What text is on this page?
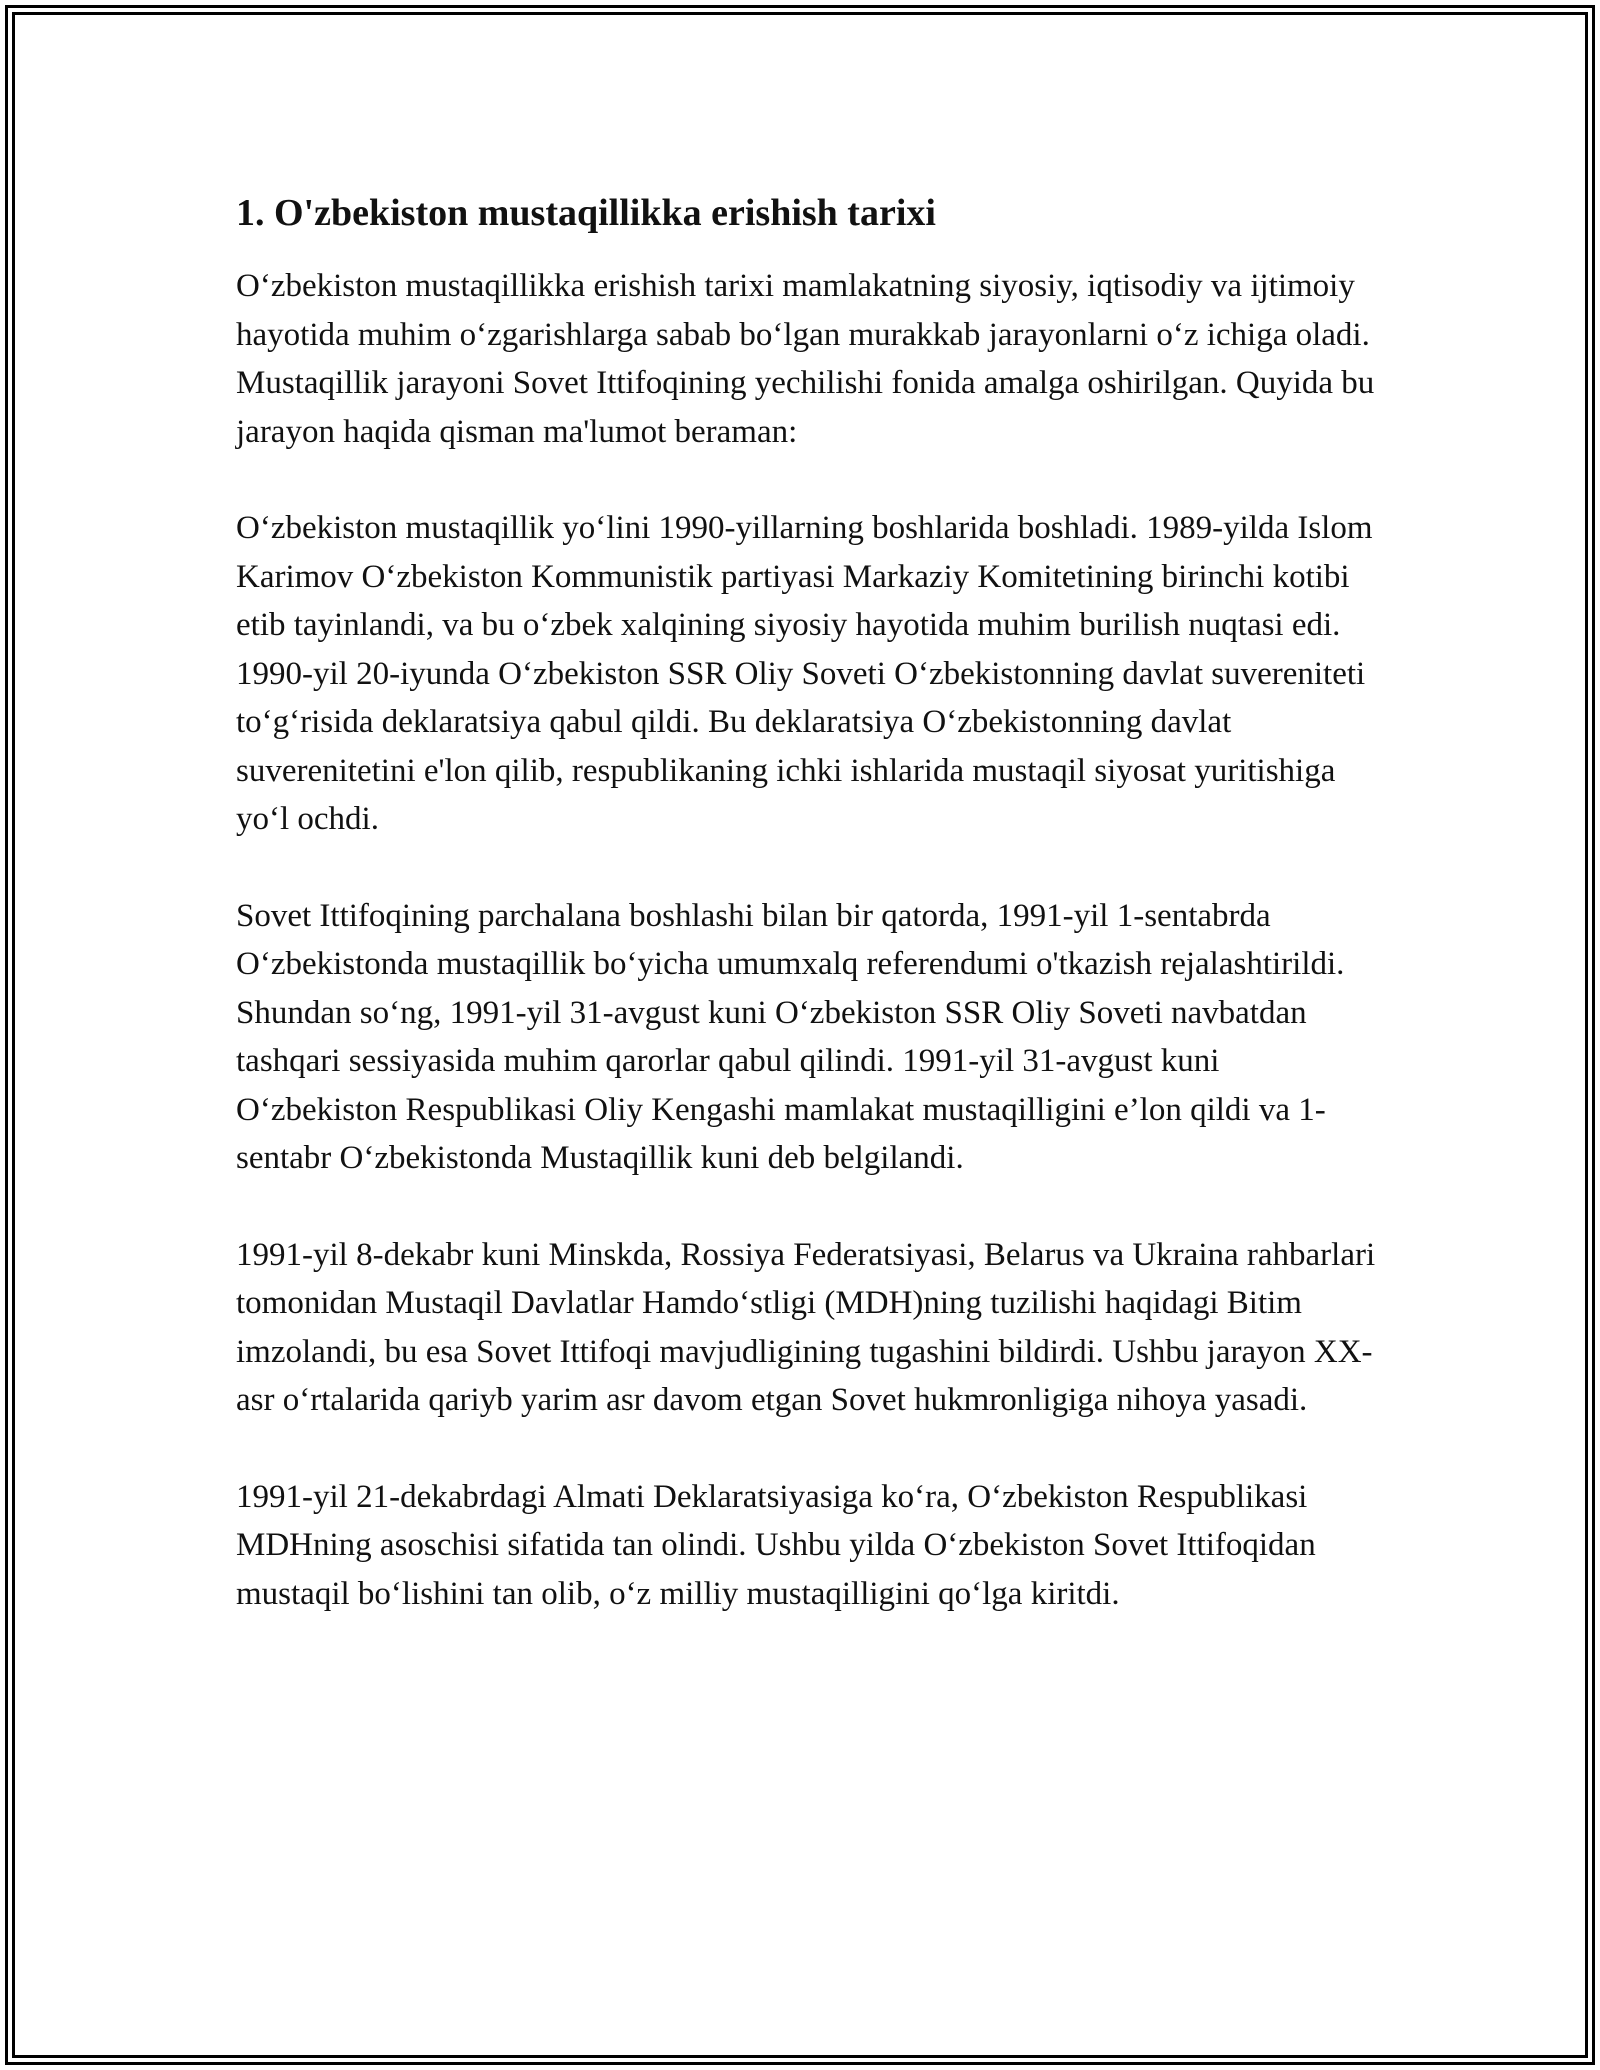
1. O'zbekiston mustaqillikka erishish tarixi

O‘zbekiston mustaqillikka erishish tarixi mamlakatning siyosiy, iqtisodiy va ijtimoiy hayotida muhim o‘zgarishlarga sabab bo‘lgan murakkab jarayonlarni o‘z ichiga oladi. Mustaqillik jarayoni Sovet Ittifoqining yechilishi fonida amalga oshirilgan. Quyida bu jarayon haqida qisman ma'lumot beraman:

O‘zbekiston mustaqillik yo‘lini 1990-yillarning boshlarida boshladi. 1989-yilda Islom Karimov O‘zbekiston Kommunistik partiyasi Markaziy Komitetining birinchi kotibi etib tayinlandi, va bu o‘zbek xalqining siyosiy hayotida muhim burilish nuqtasi edi. 1990-yil 20-iyunda O‘zbekiston SSR Oliy Soveti O‘zbekistonning davlat suvereniteti to‘g‘risida deklaratsiya qabul qildi. Bu deklaratsiya O‘zbekistonning davlat suverenitetini e'lon qilib, respublikaning ichki ishlarida mustaqil siyosat yuritishiga yo‘l ochdi.

Sovet Ittifoqining parchalana boshlashi bilan bir qatorda, 1991-yil 1-sentabrda O‘zbekistonda mustaqillik bo‘yicha umumxalq referendumi o'tkazish rejalashtirildi. Shundan so‘ng, 1991-yil 31-avgust kuni O‘zbekiston SSR Oliy Soveti navbatdan tashqari sessiyasida muhim qarorlar qabul qilindi. 1991-yil 31-avgust kuni O‘zbekiston Respublikasi Oliy Kengashi mamlakat mustaqilligini e’lon qildi va 1-sentabr O‘zbekistonda Mustaqillik kuni deb belgilandi.

1991-yil 8-dekabr kuni Minskda, Rossiya Federatsiyasi, Belarus va Ukraina rahbarlari tomonidan Mustaqil Davlatlar Hamdo‘stligi (MDH)ning tuzilishi haqidagi Bitim imzolandi, bu esa Sovet Ittifoqi mavjudligining tugashini bildirdi. Ushbu jarayon XX-asr o‘rtalarida qariyb yarim asr davom etgan Sovet hukmronligiga nihoya yasadi.

1991-yil 21-dekabrdagi Almati Deklaratsiyasiga ko‘ra, O‘zbekiston Respublikasi MDHning asoschisi sifatida tan olindi. Ushbu yilda O‘zbekiston Sovet Ittifoqidan mustaqil bo‘lishini tan olib, o‘z milliy mustaqilligini qo‘lga kiritdi.
